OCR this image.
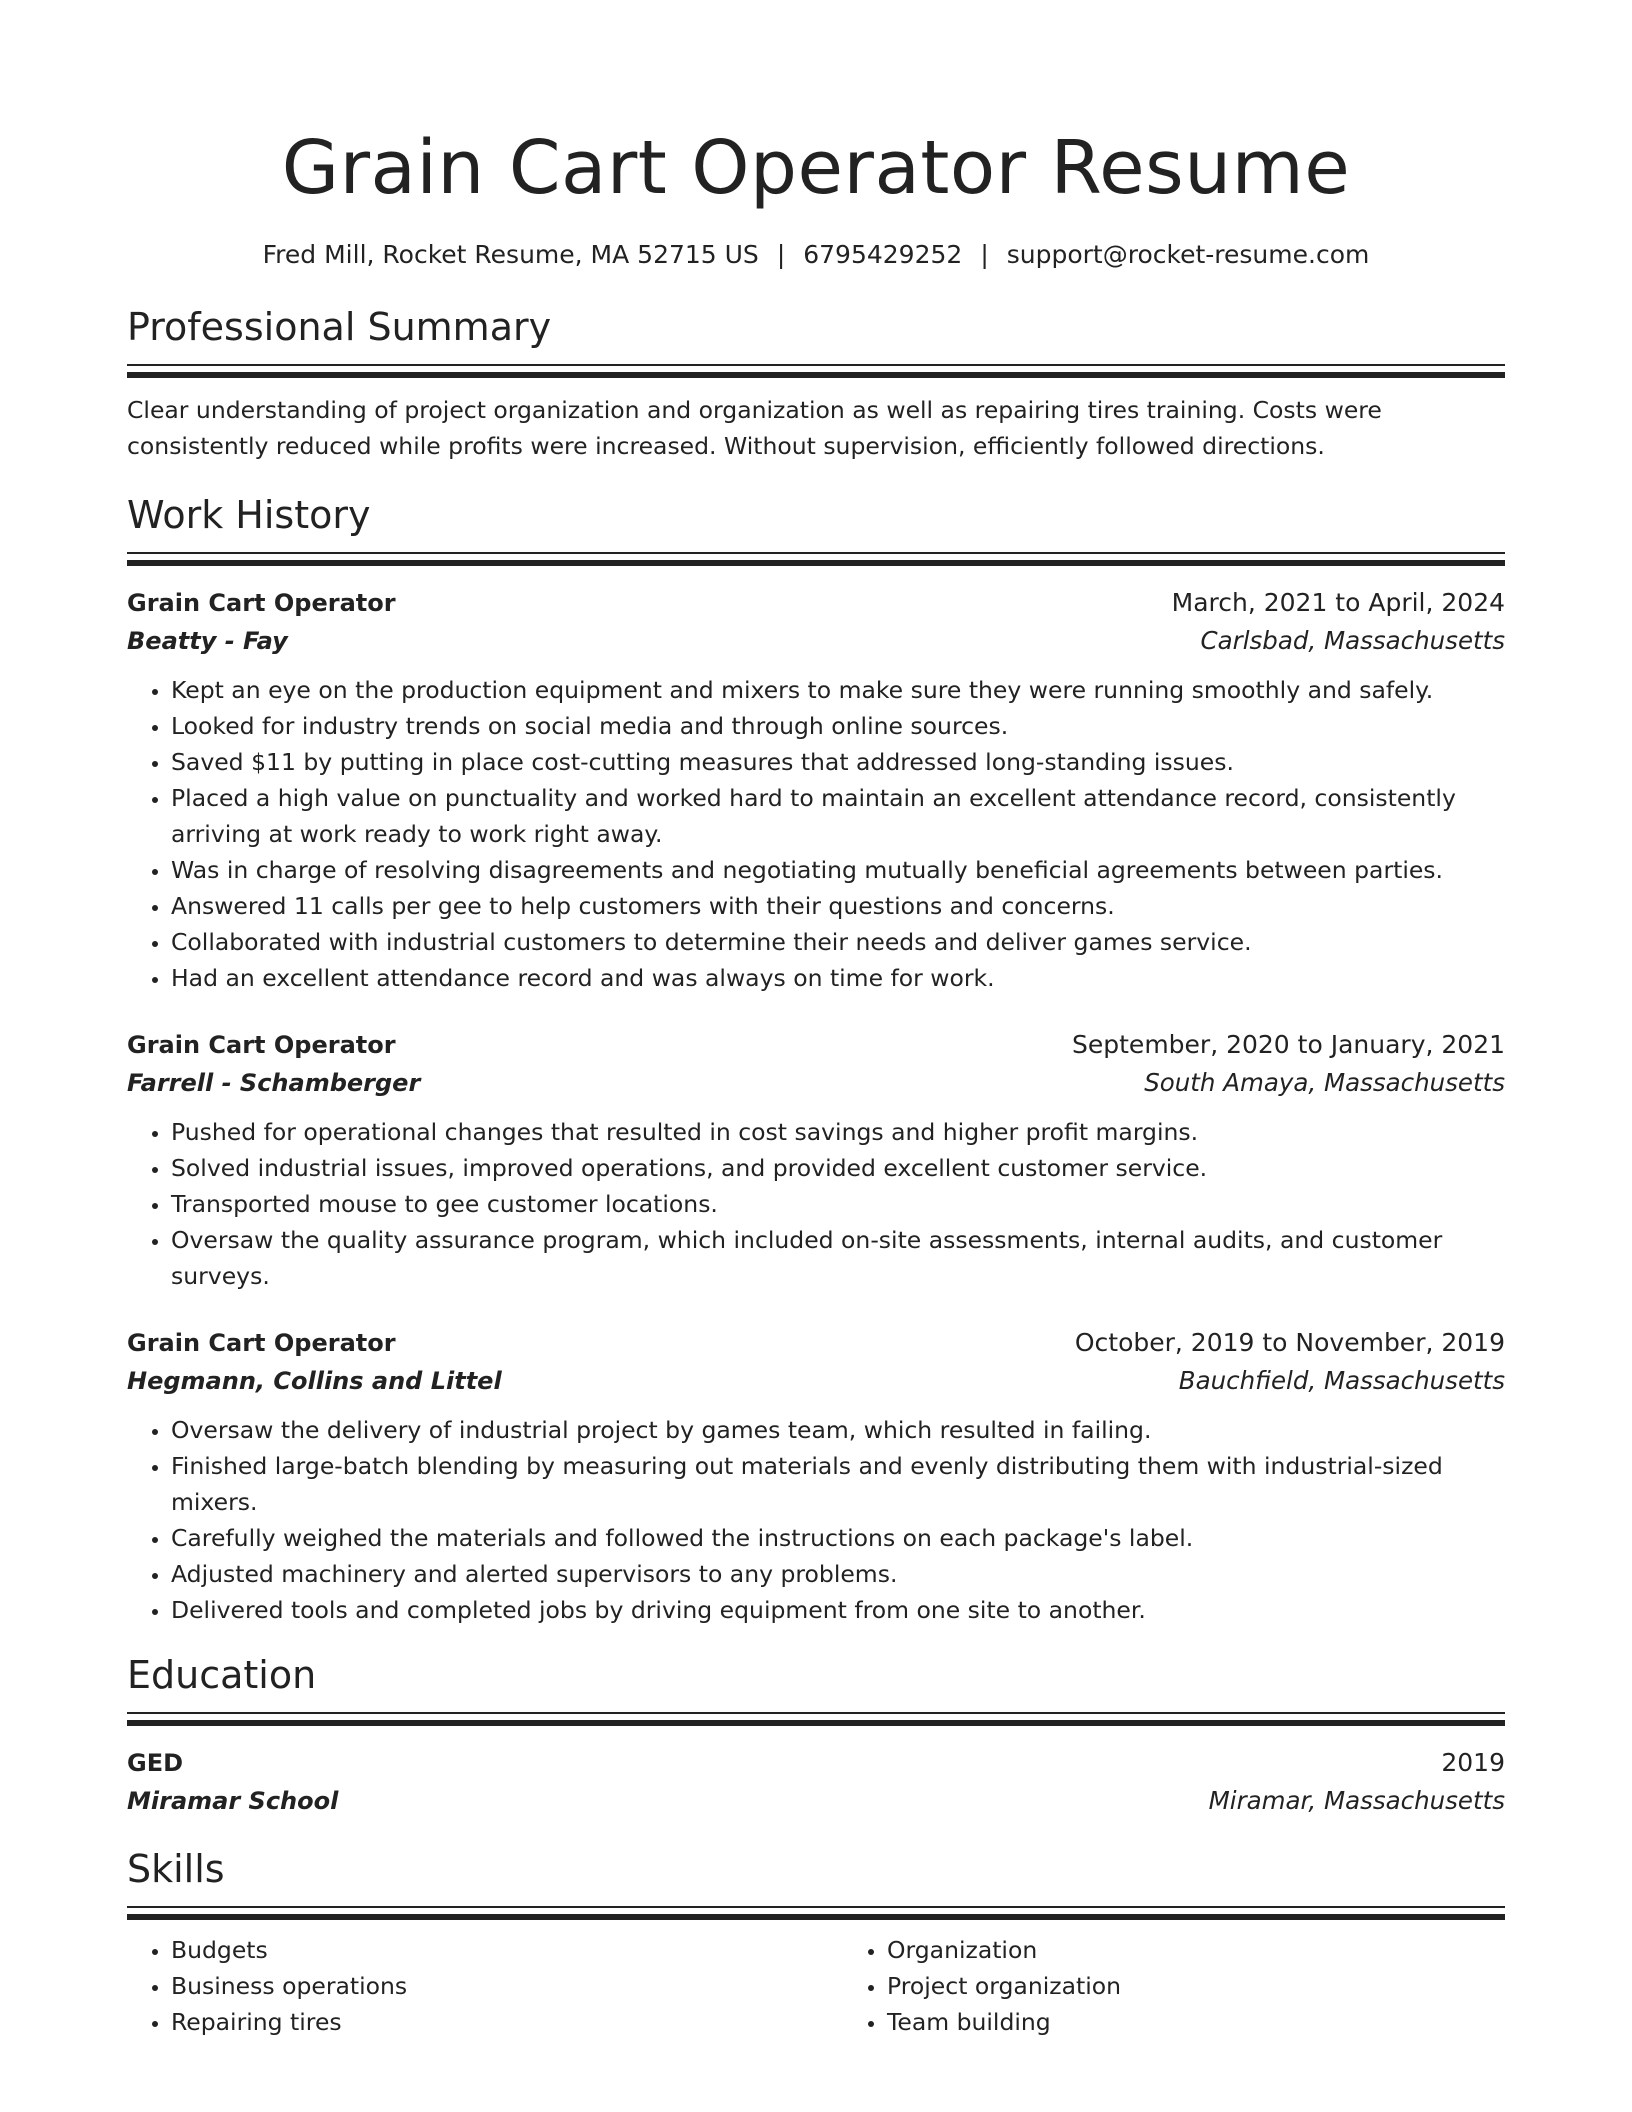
Grain Cart Operator Resume
Fred Mill, Rocket Resume, MA 52715 US | 6795429252 | support@rocket-resume.com
Professional Summary
Clear understanding of project organization and organization as well as repairing tires training. Costs were consistently reduced while profits were increased. Without supervision, efficiently followed directions.
Work History
Grain Cart Operator	March, 2021 to April, 2024
Beatty - Fay	Carlsbad, Massachusetts
• Kept an eye on the production equipment and mixers to make sure they were running smoothly and safely.
• Looked for industry trends on social media and through online sources.
• Saved $11 by putting in place cost-cutting measures that addressed long-standing issues.
• Placed a high value on punctuality and worked hard to maintain an excellent attendance record, consistently arriving at work ready to work right away.
• Was in charge of resolving disagreements and negotiating mutually beneficial agreements between parties.
• Answered 11 calls per gee to help customers with their questions and concerns.
• Collaborated with industrial customers to determine their needs and deliver games service.
• Had an excellent attendance record and was always on time for work.
Grain Cart Operator	September, 2020 to January, 2021
Farrell - Schamberger	South Amaya, Massachusetts
• Pushed for operational changes that resulted in cost savings and higher profit margins.
• Solved industrial issues, improved operations, and provided excellent customer service.
• Transported mouse to gee customer locations.
• Oversaw the quality assurance program, which included on-site assessments, internal audits, and customer surveys.
Grain Cart Operator	October, 2019 to November, 2019
Hegmann, Collins and Littel	Bauchfield, Massachusetts
• Oversaw the delivery of industrial project by games team, which resulted in failing.
• Finished large-batch blending by measuring out materials and evenly distributing them with industrial-sized mixers.
• Carefully weighed the materials and followed the instructions on each package's label.
• Adjusted machinery and alerted supervisors to any problems.
• Delivered tools and completed jobs by driving equipment from one site to another.
Education
GED	2019
Miramar School	Miramar, Massachusetts
Skills
• Budgets
• Business operations
• Repairing tires
• Organization
• Project organization
• Team building
